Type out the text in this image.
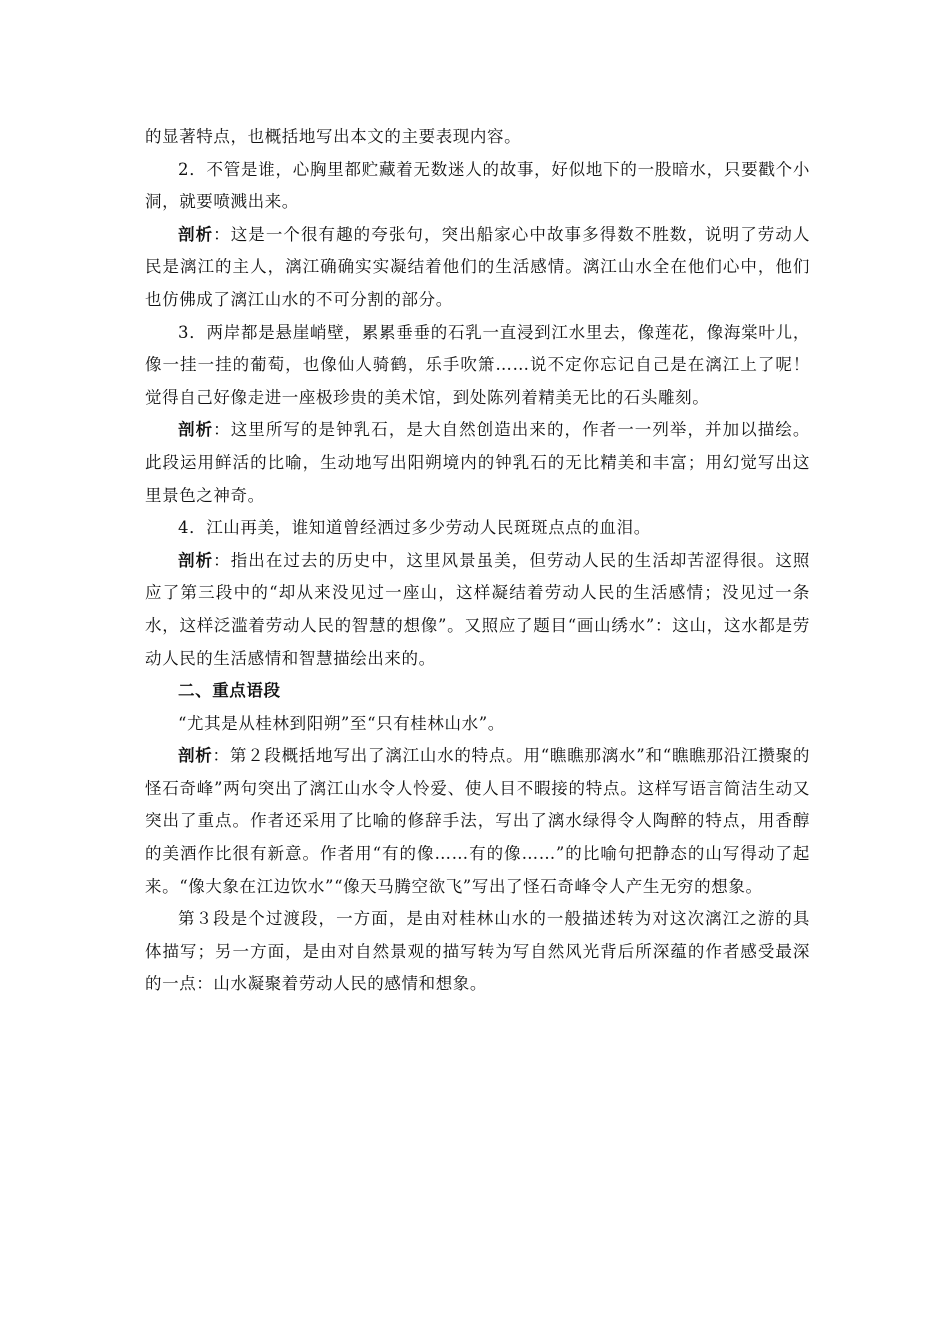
的显著特点，也概括地写出本文的主要表现内容。

2．不管是谁，心胸里都贮藏着无数迷人的故事，好似地下的一股暗水，只要戳个小洞，就要喷溅出来。

剖析：这是一个很有趣的夸张句，突出船家心中故事多得数不胜数，说明了劳动人民是漓江的主人，漓江确确实实凝结着他们的生活感情。漓江山水全在他们心中，他们也仿佛成了漓江山水的不可分割的部分。

3．两岸都是悬崖峭壁，累累垂垂的石乳一直浸到江水里去，像莲花，像海棠叶儿，像一挂一挂的葡萄，也像仙人骑鹤，乐手吹箫……说不定你忘记自己是在漓江上了呢！觉得自己好像走进一座极珍贵的美术馆，到处陈列着精美无比的石头雕刻。

剖析：这里所写的是钟乳石，是大自然创造出来的，作者一一列举，并加以描绘。此段运用鲜活的比喻，生动地写出阳朔境内的钟乳石的无比精美和丰富；用幻觉写出这里景色之神奇。

4．江山再美，谁知道曾经洒过多少劳动人民斑斑点点的血泪。

剖析：指出在过去的历史中，这里风景虽美，但劳动人民的生活却苦涩得很。这照应了第三段中的“却从来没见过一座山，这样凝结着劳动人民的生活感情；没见过一条水，这样泛滥着劳动人民的智慧的想像”。又照应了题目“画山绣水”：这山，这水都是劳动人民的生活感情和智慧描绘出来的。

二、重点语段

“尤其是从桂林到阳朔”至“只有桂林山水”。

剖析：第２段概括地写出了漓江山水的特点。用“瞧瞧那漓水”和“瞧瞧那沿江攒聚的怪石奇峰”两句突出了漓江山水令人怜爱、使人目不暇接的特点。这样写语言简洁生动又突出了重点。作者还采用了比喻的修辞手法，写出了漓水绿得令人陶醉的特点，用香醇的美酒作比很有新意。作者用“有的像……有的像……”的比喻句把静态的山写得动了起来。“像大象在江边饮水”“像天马腾空欲飞”写出了怪石奇峰令人产生无穷的想象。

第３段是个过渡段，一方面，是由对桂林山水的一般描述转为对这次漓江之游的具体描写；另一方面，是由对自然景观的描写转为写自然风光背后所深蕴的作者感受最深的一点：山水凝聚着劳动人民的感情和想象。
